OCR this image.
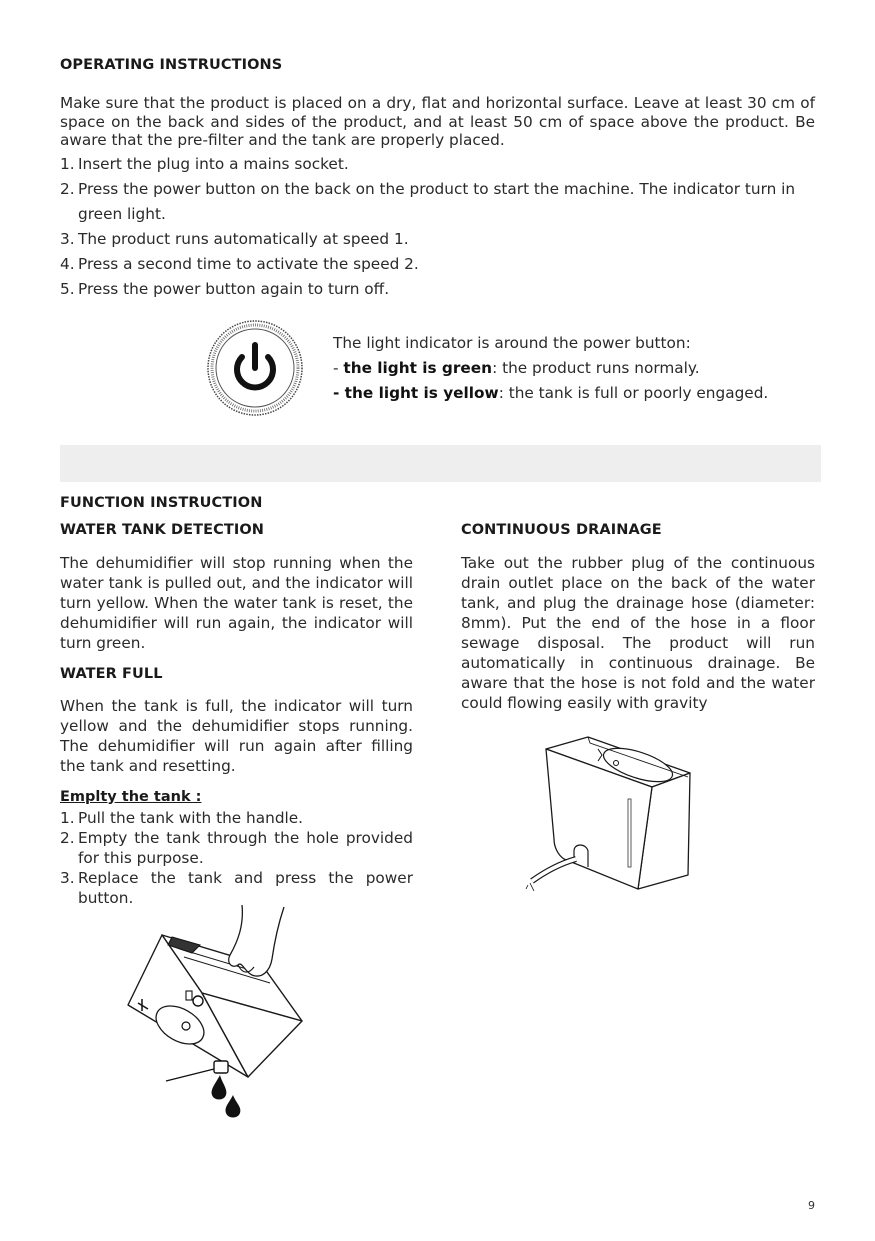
OPERATING INSTRUCTIONS
Make sure that the product is placed on a dry, flat and horizontal surface. Leave at least 30 cm of space on the back and sides of the product, and at least 50 cm of space above the product. Be aware that the pre-filter and the tank are properly placed.
1. Insert the plug into a mains socket.
2. Press the power button on the back on the product to start the machine. The indicator turn in green light.
3. The product runs automatically at speed 1.
4. Press a second time to activate the speed 2.
5. Press the power button again to turn off.
The light indicator is around the power button:
- the light is green: the product runs normaly.
- the light is yellow: the tank is full or poorly engaged.
FUNCTION INSTRUCTION
WATER TANK DETECTION
The dehumidifier will stop running when the water tank is pulled out, and the indicator will turn yellow. When the water tank is reset, the dehumidifier will run again, the indicator will turn green.
WATER FULL
When the tank is full, the indicator will turn yellow and the dehumidifier stops running. The dehumidifier will run again after filling the tank and resetting.
Emplty the tank :
1. Pull the tank with the handle.
2. Empty the tank through the hole provided for this purpose.
3. Replace the tank and press the power button.
CONTINUOUS DRAINAGE
Take out the rubber plug of the continuous drain outlet place on the back of the water tank, and plug the drainage hose (diameter: 8mm). Put the end of the hose in a floor sewage disposal. The product will run automatically in continuous drainage. Be aware that the hose is not fold and the water could flowing easily with gravity
9
